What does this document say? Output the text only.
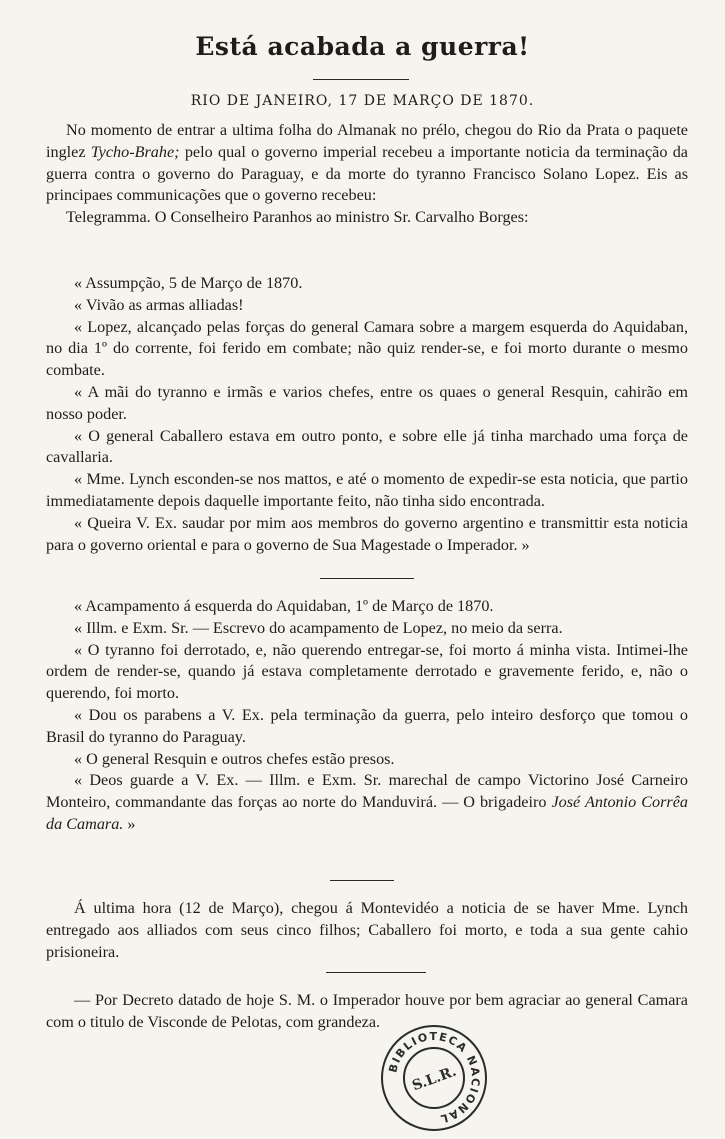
Está acabada a guerra!
RIO DE JANEIRO, 17 DE MARÇO DE 1870.

No momento de entrar a ultima folha do Almanak no prélo, chegou do Rio da Prata o paquete inglez Tycho-Brahe; pelo qual o governo imperial recebeu a importante noticia da terminação da guerra contra o governo do Paraguay, e da morte do tyranno Francisco Solano Lopez. Eis as principaes communicações que o governo recebeu:

Telegramma. O Conselheiro Paranhos ao ministro Sr. Carvalho Borges:

« Assumpção, 5 de Março de 1870.

« Vivão as armas alliadas!

« Lopez, alcançado pelas forças do general Camara sobre a margem esquerda do Aquidaban, no dia 1º do corrente, foi ferido em combate; não quiz render-se, e foi morto durante o mesmo combate.

« A mãi do tyranno e irmãs e varios chefes, entre os quaes o general Resquin, cahirão em nosso poder.

« O general Caballero estava em outro ponto, e sobre elle já tinha marchado uma força de cavallaria.

« Mme. Lynch esconden-se nos mattos, e até o momento de expedir-se esta noticia, que partio immediatamente depois daquelle importante feito, não tinha sido encontrada.

« Queira V. Ex. saudar por mim aos membros do governo argentino e transmittir esta noticia para o governo oriental e para o governo de Sua Magestade o Imperador. »

« Acampamento á esquerda do Aquidaban, 1º de Março de 1870.

« Illm. e Exm. Sr. — Escrevo do acampamento de Lopez, no meio da serra.

« O tyranno foi derrotado, e, não querendo entregar-se, foi morto á minha vista. Intimei-lhe ordem de render-se, quando já estava completamente derrotado e gravemente ferido, e, não o querendo, foi morto.

« Dou os parabens a V. Ex. pela terminação da guerra, pelo inteiro desforço que tomou o Brasil do tyranno do Paraguay.

« O general Resquin e outros chefes estão presos.

« Deos guarde a V. Ex. — Illm. e Exm. Sr. marechal de campo Victorino José Carneiro Monteiro, commandante das forças ao norte do Manduvirá. — O brigadeiro José Antonio Corrêa da Camara. »

Á ultima hora (12 de Março), chegou á Montevidéo a noticia de se haver Mme. Lynch entregado aos alliados com seus cinco filhos; Caballero foi morto, e toda a sua gente cahio prisioneira.

— Por Decreto datado de hoje S. M. o Imperador houve por bem agraciar ao general Camara com o titulo de Visconde de Pelotas, com grandeza.

BIBLIOTECA NACIONAL
S.L.R.
